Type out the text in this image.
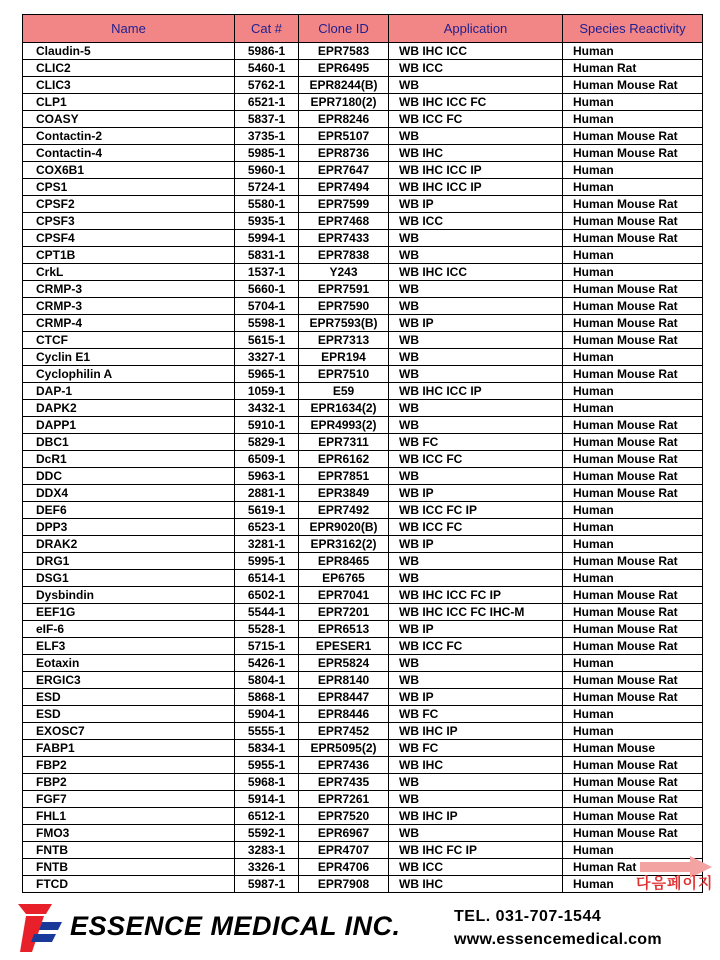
Name	Cat #	Clone ID	Application	Species Reactivity
Claudin-5	5986-1	EPR7583	WB IHC ICC	Human
CLIC2	5460-1	EPR6495	WB ICC	Human Rat
CLIC3	5762-1	EPR8244(B)	WB	Human Mouse Rat
CLP1	6521-1	EPR7180(2)	WB IHC ICC FC	Human
COASY	5837-1	EPR8246	WB ICC FC	Human
Contactin-2	3735-1	EPR5107	WB	Human Mouse Rat
Contactin-4	5985-1	EPR8736	WB IHC	Human Mouse Rat
COX6B1	5960-1	EPR7647	WB IHC ICC IP	Human
CPS1	5724-1	EPR7494	WB IHC ICC IP	Human
CPSF2	5580-1	EPR7599	WB IP	Human Mouse Rat
CPSF3	5935-1	EPR7468	WB ICC	Human Mouse Rat
CPSF4	5994-1	EPR7433	WB	Human Mouse Rat
CPT1B	5831-1	EPR7838	WB	Human
CrkL	1537-1	Y243	WB IHC ICC	Human
CRMP-3	5660-1	EPR7591	WB	Human Mouse Rat
CRMP-3	5704-1	EPR7590	WB	Human Mouse Rat
CRMP-4	5598-1	EPR7593(B)	WB IP	Human Mouse Rat
CTCF	5615-1	EPR7313	WB	Human Mouse Rat
Cyclin E1	3327-1	EPR194	WB	Human
Cyclophilin A	5965-1	EPR7510	WB	Human Mouse Rat
DAP-1	1059-1	E59	WB IHC ICC IP	Human
DAPK2	3432-1	EPR1634(2)	WB	Human
DAPP1	5910-1	EPR4993(2)	WB	Human Mouse Rat
DBC1	5829-1	EPR7311	WB FC	Human Mouse Rat
DcR1	6509-1	EPR6162	WB ICC FC	Human Mouse Rat
DDC	5963-1	EPR7851	WB	Human Mouse Rat
DDX4	2881-1	EPR3849	WB IP	Human Mouse Rat
DEF6	5619-1	EPR7492	WB ICC FC IP	Human
DPP3	6523-1	EPR9020(B)	WB ICC FC	Human
DRAK2	3281-1	EPR3162(2)	WB IP	Human
DRG1	5995-1	EPR8465	WB	Human Mouse Rat
DSG1	6514-1	EP6765	WB	Human
Dysbindin	6502-1	EPR7041	WB IHC ICC FC IP	Human Mouse Rat
EEF1G	5544-1	EPR7201	WB IHC ICC FC IHC-M	Human Mouse Rat
eIF-6	5528-1	EPR6513	WB IP	Human Mouse Rat
ELF3	5715-1	EPESER1	WB ICC FC	Human Mouse Rat
Eotaxin	5426-1	EPR5824	WB	Human
ERGIC3	5804-1	EPR8140	WB	Human Mouse Rat
ESD	5868-1	EPR8447	WB IP	Human Mouse Rat
ESD	5904-1	EPR8446	WB FC	Human
EXOSC7	5555-1	EPR7452	WB IHC IP	Human
FABP1	5834-1	EPR5095(2)	WB FC	Human Mouse
FBP2	5955-1	EPR7436	WB IHC	Human Mouse Rat
FBP2	5968-1	EPR7435	WB	Human Mouse Rat
FGF7	5914-1	EPR7261	WB	Human Mouse Rat
FHL1	6512-1	EPR7520	WB IHC IP	Human Mouse Rat
FMO3	5592-1	EPR6967	WB	Human Mouse Rat
FNTB	3283-1	EPR4707	WB IHC FC IP	Human
FNTB	3326-1	EPR4706	WB ICC	Human Rat
FTCD	5987-1	EPR7908	WB IHC	Human 다음페이지
ESSENCE MEDICAL INC.	TEL. 031-707-1544
www.essencemedical.com
